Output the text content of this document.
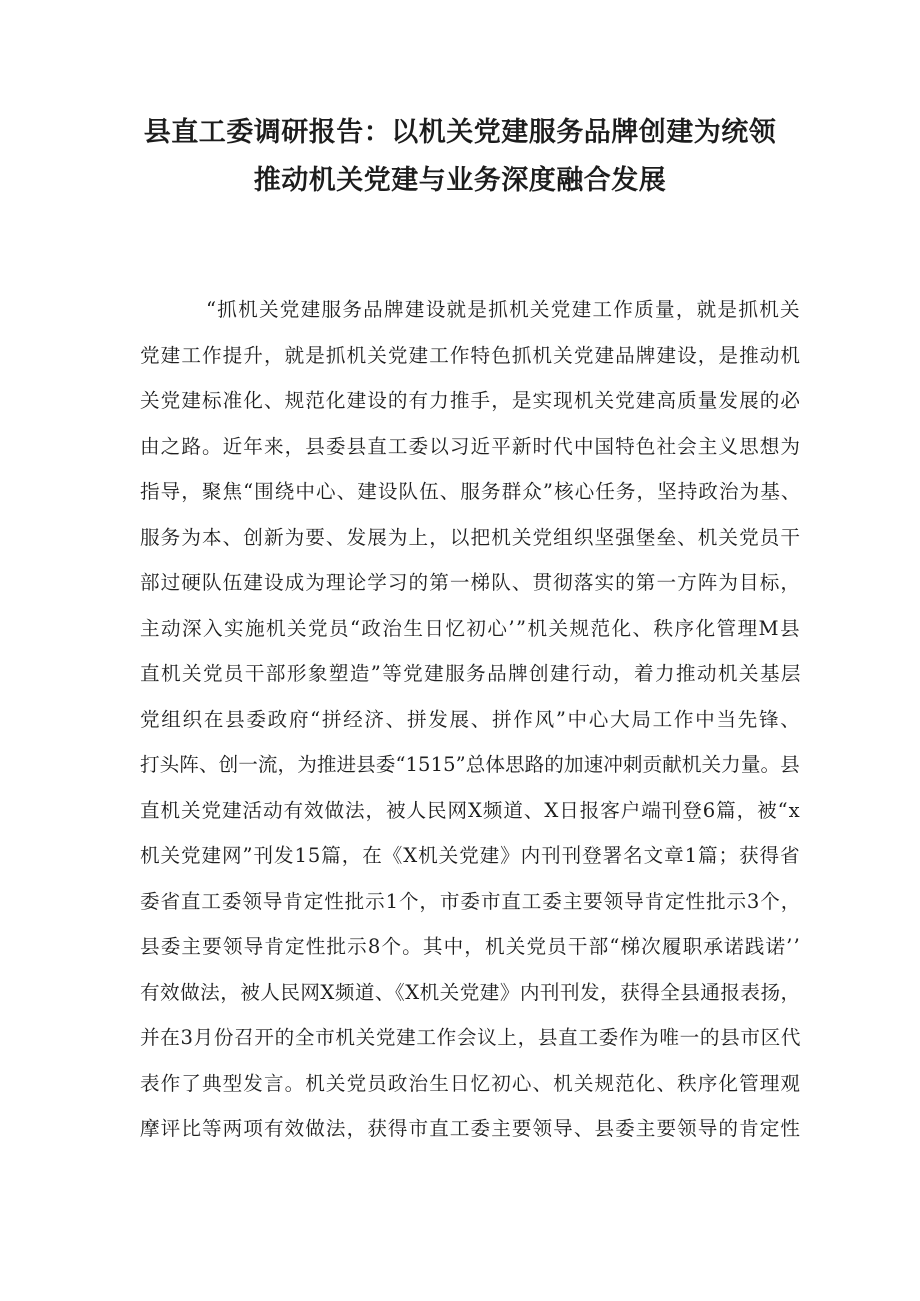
县直工委调研报告：以机关党建服务品牌创建为统领
推动机关党建与业务深度融合发展
“抓机关党建服务品牌建设就是抓机关党建工作质量，就是抓机关
党建工作提升，就是抓机关党建工作特色抓机关党建品牌建设，是推动机
关党建标准化、规范化建设的有力推手，是实现机关党建高质量发展的必
由之路。近年来，县委县直工委以习近平新时代中国特色社会主义思想为
指导，聚焦“围绕中心、建设队伍、服务群众”核心任务，坚持政治为基、
服务为本、创新为要、发展为上，以把机关党组织坚强堡垒、机关党员干
部过硬队伍建设成为理论学习的第一梯队、贯彻落实的第一方阵为目标，
主动深入实施机关党员“政治生日忆初心’”机关规范化、秩序化管理M县
直机关党员干部形象塑造”等党建服务品牌创建行动，着力推动机关基层
党组织在县委政府“拼经济、拼发展、拼作风”中心大局工作中当先锋、
打头阵、创一流，为推进县委“1515”总体思路的加速冲刺贡献机关力量。县
直机关党建活动有效做法，被人民网X频道、X日报客户端刊登6篇，被“x
机关党建网”刊发15篇，在《X机关党建》内刊刊登署名文章1篇；获得省
委省直工委领导肯定性批示1个，市委市直工委主要领导肯定性批示3个，
县委主要领导肯定性批示8个。其中，机关党员干部“梯次履职承诺践诺’’
有效做法，被人民网X频道、《X机关党建》内刊刊发，获得全县通报表扬，
并在3月份召开的全市机关党建工作会议上，县直工委作为唯一的县市区代
表作了典型发言。机关党员政治生日忆初心、机关规范化、秩序化管理观
摩评比等两项有效做法，获得市直工委主要领导、县委主要领导的肯定性
